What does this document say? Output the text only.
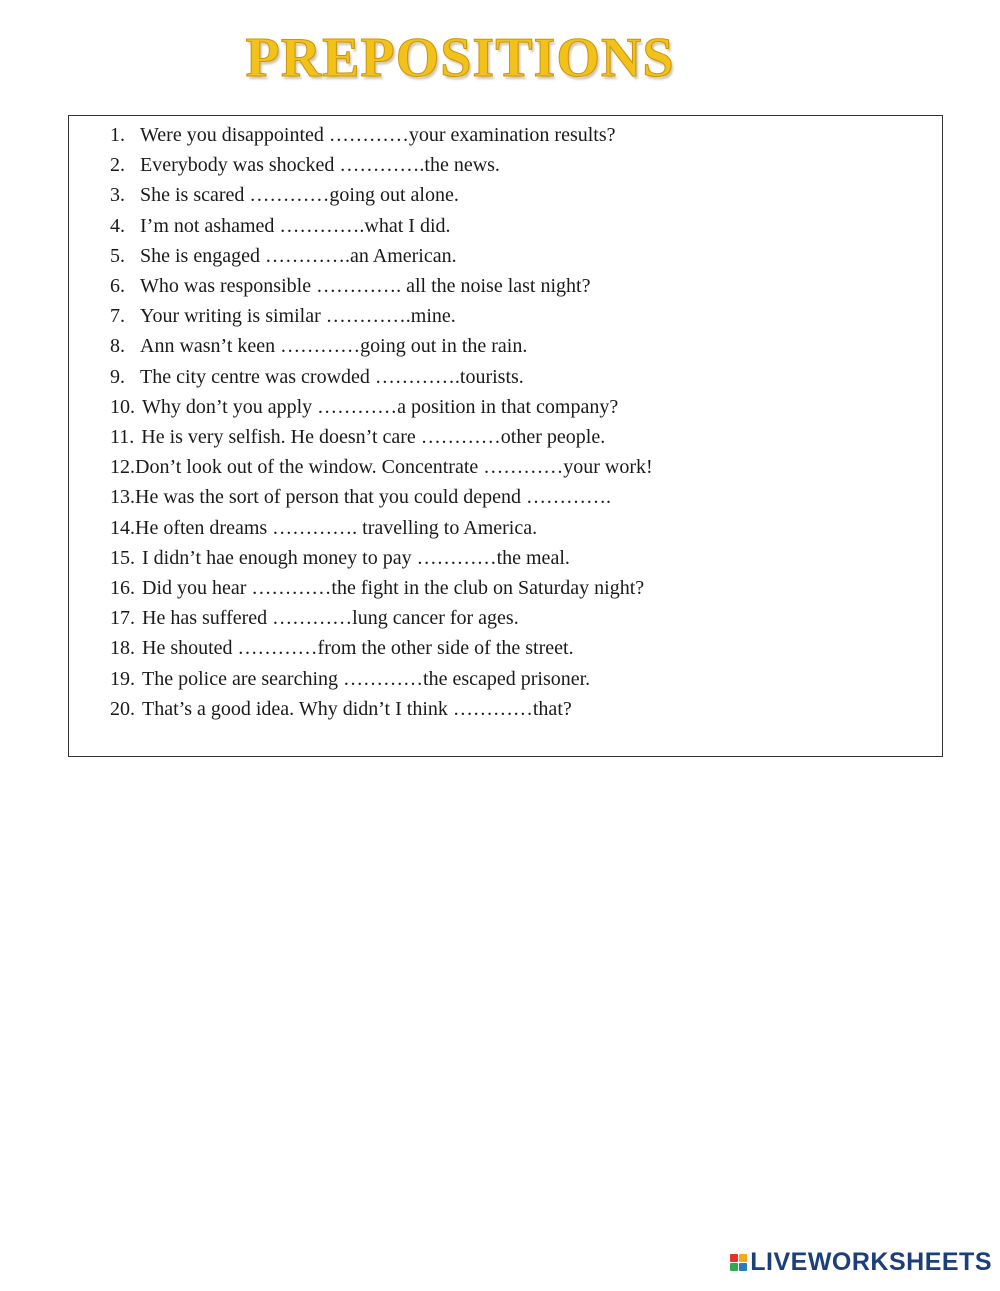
PREPOSITIONS
1. Were you disappointed …………your examination results?
2. Everybody was shocked ………….the news.
3. She is scared …………going out alone.
4. I’m not ashamed ………….what I did.
5. She is engaged ………….an American.
6. Who was responsible …………. all the noise last night?
7. Your writing is similar ………….mine.
8. Ann wasn’t keen …………going out in the rain.
9. The city centre was crowded ………….tourists.
10. Why don’t you apply …………a position in that company?
11. He is very selfish. He doesn’t care …………other people.
12. Don’t look out of the window. Concentrate …………your work!
13. He was the sort of person that you could depend ………….
14. He often dreams …………. travelling to America.
15. I didn’t hae enough money to pay …………the meal.
16. Did you hear …………the fight in the club on Saturday night?
17. He has suffered …………lung cancer for ages.
18. He shouted …………from the other side of the street.
19. The police are searching …………the escaped prisoner.
20. That’s a good idea. Why didn’t I think …………that?
LIVEWORKSHEETS
